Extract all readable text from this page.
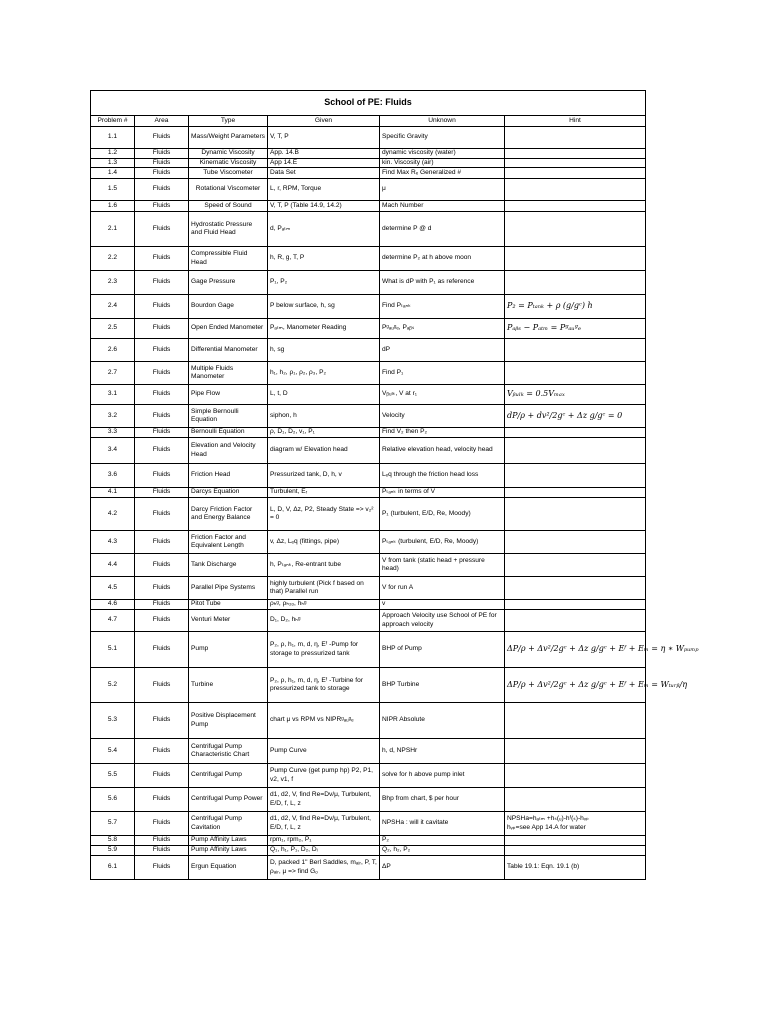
School of PE: Fluids					
Problem #	Area	Type	Given	Unknown	Hint
1.1	Fluids	Mass/Weight Parameters	V, T, P	Specific Gravity	
1.2	Fluids	Dynamic Viscosity	App. 14.B	dynamic viscosity (water)	
1.3	Fluids	Kinematic Viscosity	App 14.E	kin. Viscosity (air)	
1.4	Fluids	Tube Viscometer	Data Set	Find Max Rₑ Generalized #	
1.5	Fluids	Rotational Viscometer	L, r, RPM, Torque	μ	
1.6	Fluids	Speed of Sound	V, T, P (Table 14.9, 14.2)	Mach Number	
2.1	Fluids	Hydrostatic Pressure and Fluid Head	d, Pₐₜₘ	determine P @ d	
2.2	Fluids	Compressible Fluid Head	h, R, g, T, P	determine P₂ at h above moon	
2.3	Fluids	Gage Pressure	P₁, P₂	What is dP with P₁ as reference	
2.4	Fluids	Bourdon Gage	P below surface, h, sg	Find Pₜₐₙₖ	P₂ = Pₜₐₙₖ + ρ (g/gᶜ) h
2.5	Fluids	Open Ended Manometer	Pₐₜₘ, Manometer Reading	Pᵍₐᵤᵍₑ, Pₐᵦₛ	Pₐᵦₛ − Pₐₜₘ = Pᵍₐᵤᵍₑ
2.6	Fluids	Differential Manometer	h, sg	dP	
2.7	Fluids	Multiple Fluids Manometer	h₁, h₂, ρ₁, ρ₂, ρ₃, P₂	Find P₁	
3.1	Fluids	Pipe Flow	L, t, D	Vᵦᵤₗₖ, V at r₁	Vᵦᵤₗₖ = 0.5Vₘₐₓ
3.2	Fluids	Simple Bernoulli Equation	siphon, h	Velocity	dP/ρ + dv²/2gᶜ + Δz g/gᶜ = 0
3.3	Fluids	Bernoulli Equation	ρ, D₁, D₂, v₁, P₁	Find V₂ then P₂	
3.4	Fluids	Elevation and Velocity Head	diagram w/ Elevation head	Relative elevation head, velocity head	
3.6	Fluids	Friction Head	Pressurized tank, D, h, v	Lₑq through the friction head loss	
4.1	Fluids	Darcys Equation	Turbulent, Eᵣ	Pₜₐₙₖ in terms of V	
4.2	Fluids	Darcy Friction Factor and Energy Balance	L, D, V, Δz, P2, Steady State => v₂² = 0	P₁ (turbulent, E/D, Re, Moody)	
4.3	Fluids	Friction Factor and Equivalent Length	v, Δz, Lₑq (fittings, pipe)	Pₜₐₙₖ (turbulent, E/D, Re, Moody)	
4.4	Fluids	Tank Discharge	h, Pₜₐₙₖ, Re-entrant tube	V from tank (static head + pressure head)	
4.5	Fluids	Parallel Pipe Systems	highly turbulent (Pick f based on that) Parallel run	V for run A	
4.6	Fluids	Pitot Tube	ρₕᵍ, ρₕ₂ₒ, hₕᵍ	v	
4.7	Fluids	Venturi Meter	D₁, D₂, hₕᵍ	Approach Velocity use School of PE for approach velocity	
5.1	Fluids	Pump	P₂, ρ, h₁, m, d, η, Eᶠ -Pump for storage to pressurized tank	BHP of Pump	ΔP/ρ + Δv²/2gᶜ + Δz g/gᶜ + Eᶠ + Eₘ = η ∗ Wₚᵤₘₚ
5.2	Fluids	Turbine	P₂, ρ, h₁, m, d, η, Eᶠ -Turbine for pressurized tank to storage	BHP Turbine	ΔP/ρ + Δv²/2gᶜ + Δz g/gᶜ + Eᶠ + Eₘ = Wₜᵤᵣᵦ/η
5.3	Fluids	Positive Displacement Pump	chart μ vs RPM vs NIPRᵍₐᵤᵍₑ	NIPR Absolute	
5.4	Fluids	Centrifugal Pump Characteristic Chart	Pump Curve	h, d, NPSHr	
5.5	Fluids	Centrifugal Pump	Pump Curve (get pump hp) P2, P1, v2, v1, f	solve for h above pump inlet	
5.6	Fluids	Centrifugal Pump Power	d1, d2, V, find Re=Dv/μ, Turbulent, E/D, f, L, z	Bhp from chart, $ per hour	
5.7	Fluids	Centrifugal Pump Cavitation	d1, d2, V, find Re=Dv/μ, Turbulent, E/D, f, L, z	NPSHa : will it cavitate	NPSHa=hₐₜₘ +hₛ(ᵤ)-hᶠ(ₛ)-hᵥₚ
hᵥₚ=see App 14.A for water
5.8	Fluids	Pump Affinity Laws	rpm₁, rpm₂, P₁	P₂	
5.9	Fluids	Pump Affinity Laws	Q₁, h₁, P₁, D₂, Dᵢ	Q₂, h₂, P₂	
6.1	Fluids	Ergun Equation	D, packed 1" Berl Saddles, mₐᵢᵣ, P, T, ρₐᵢᵣ, μ => find Gₒ	ΔP	Table 19.1: Eqn. 19.1 (b)
